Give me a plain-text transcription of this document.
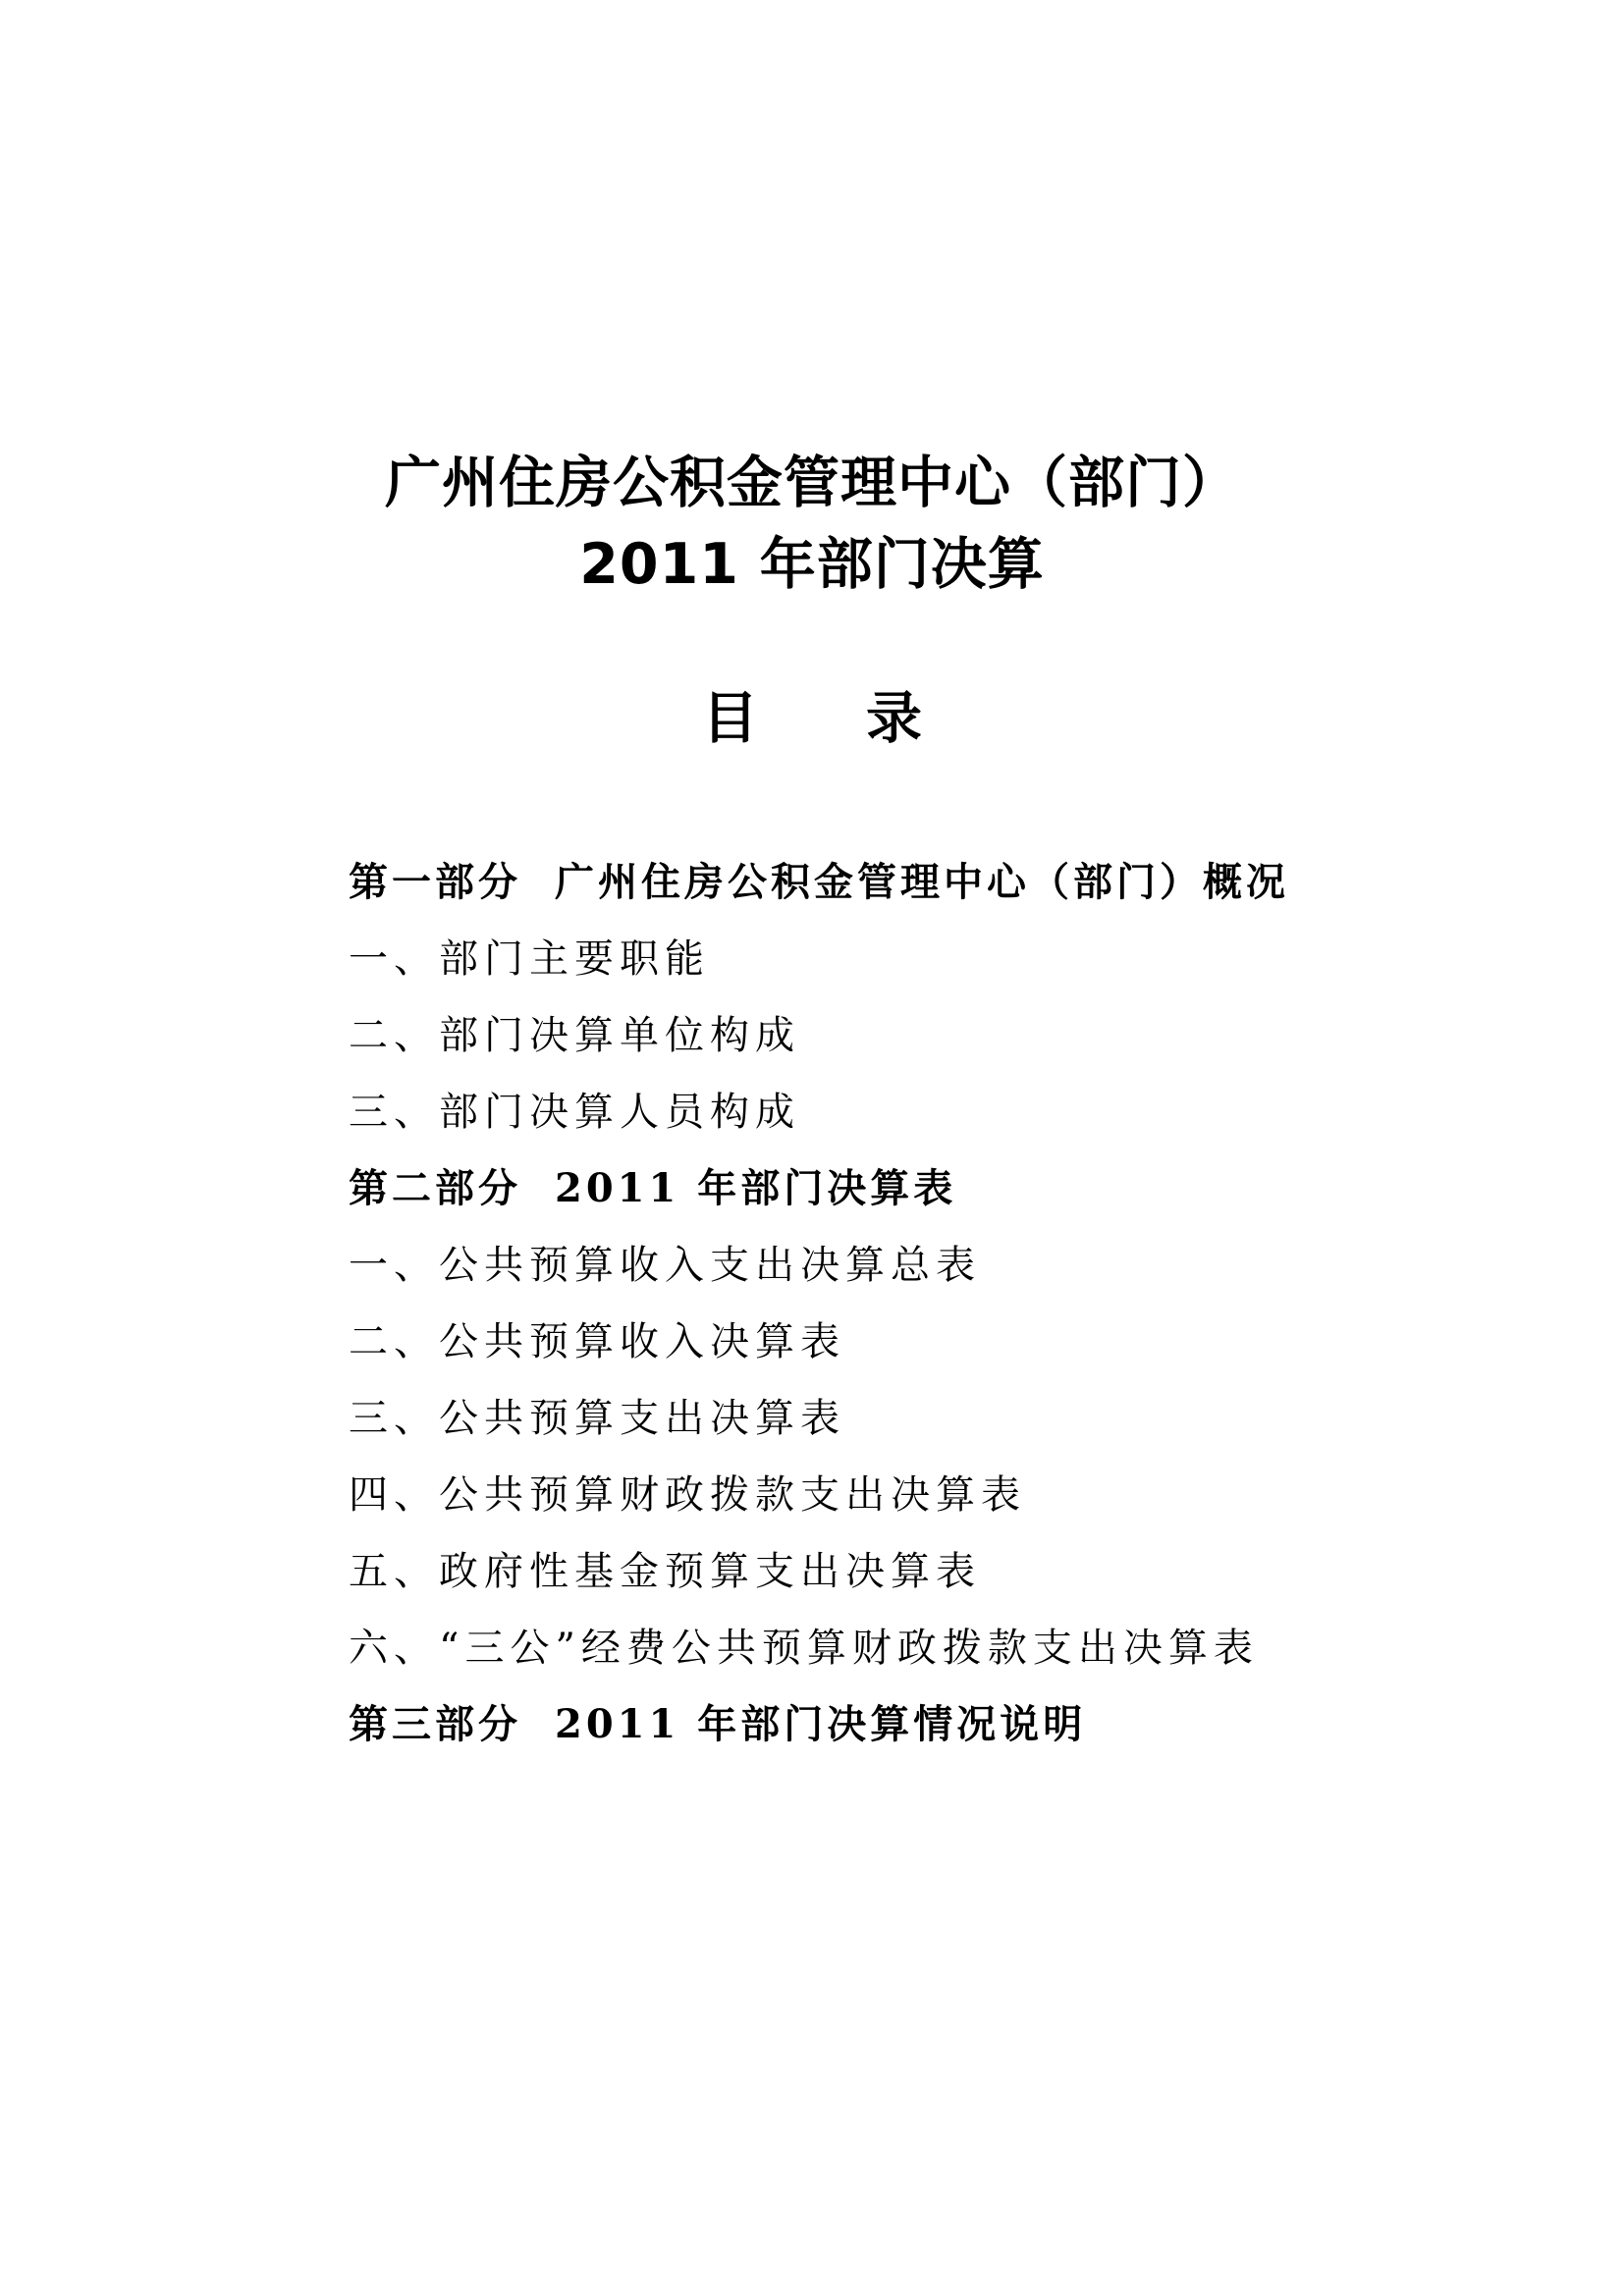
广州住房公积金管理中心（部门）
2011 年部门决算
目 录
第一部分 广州住房公积金管理中心（部门）概况
一、部门主要职能
二、部门决算单位构成
三、部门决算人员构成
第二部分 2011 年部门决算表
一、公共预算收入支出决算总表
二、公共预算收入决算表
三、公共预算支出决算表
四、公共预算财政拨款支出决算表
五、政府性基金预算支出决算表
六、“三公”经费公共预算财政拨款支出决算表
第三部分 2011 年部门决算情况说明
